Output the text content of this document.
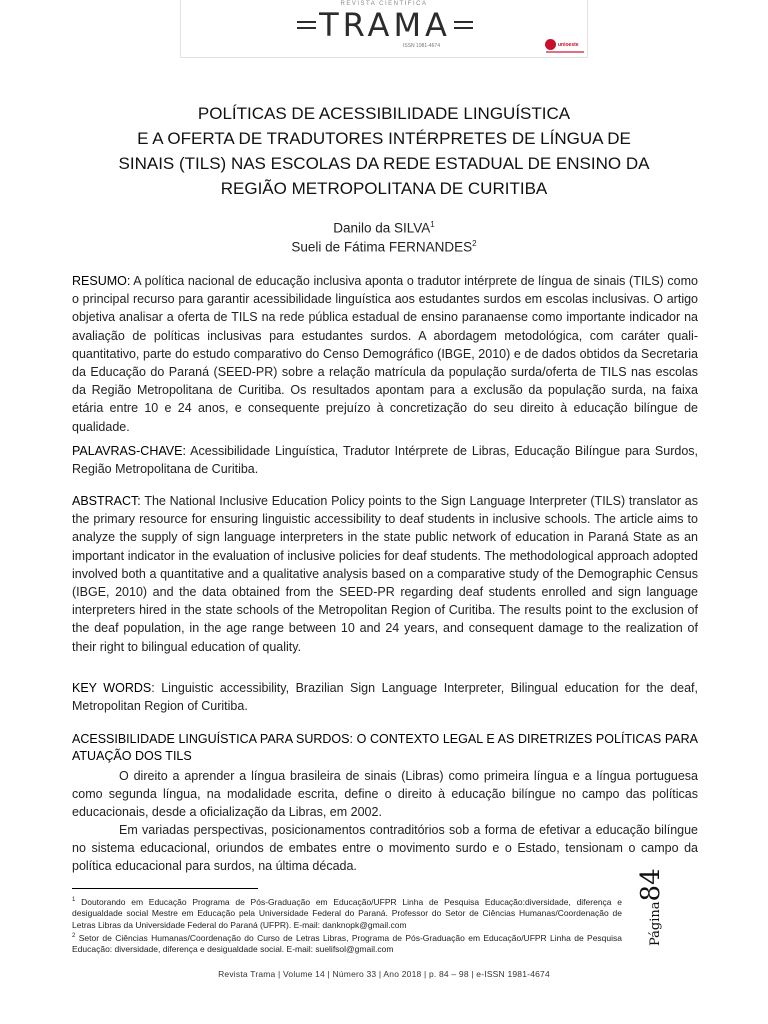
REVISTA CIENTÍFICA
TRAMA
ISSN 1981-4674	unioeste
POLÍTICAS DE ACESSIBILIDADE LINGUÍSTICA
E A OFERTA DE TRADUTORES INTÉRPRETES DE LÍNGUA DE
SINAIS (TILS) NAS ESCOLAS DA REDE ESTADUAL DE ENSINO DA
REGIÃO METROPOLITANA DE CURITIBA
Danilo da SILVA$^1$
Sueli de Fátima FERNANDES$^2$

RESUMO: A política nacional de educação inclusiva aponta o tradutor intérprete de língua de sinais (TILS) como o principal recurso para garantir acessibilidade linguística aos estudantes surdos em escolas inclusivas. O artigo objetiva analisar a oferta de TILS na rede pública estadual de ensino paranaense como importante indicador na avaliação de políticas inclusivas para estudantes surdos. A abordagem metodológica, com caráter quali-quantitativo, parte do estudo comparativo do Censo Demográfico (IBGE, 2010) e de dados obtidos da Secretaria da Educação do Paraná (SEED-PR) sobre a relação matrícula da população surda/oferta de TILS nas escolas da Região Metropolitana de Curitiba. Os resultados apontam para a exclusão da população surda, na faixa etária entre 10 e 24 anos, e consequente prejuízo à concretização do seu direito à educação bilíngue de qualidade.

PALAVRAS-CHAVE: Acessibilidade Linguística, Tradutor Intérprete de Libras, Educação Bilíngue para Surdos, Região Metropolitana de Curitiba.

ABSTRACT: The National Inclusive Education Policy points to the Sign Language Interpreter (TILS) translator as the primary resource for ensuring linguistic accessibility to deaf students in inclusive schools. The article aims to analyze the supply of sign language interpreters in the state public network of education in Paraná State as an important indicator in the evaluation of inclusive policies for deaf students. The methodological approach adopted involved both a quantitative and a qualitative analysis based on a comparative study of the Demographic Census (IBGE, 2010) and the data obtained from the SEED-PR regarding deaf students enrolled and sign language interpreters hired in the state schools of the Metropolitan Region of Curitiba. The results point to the exclusion of the deaf population, in the age range between 10 and 24 years, and consequent damage to the realization of their right to bilingual education of quality.

KEY WORDS: Linguistic accessibility, Brazilian Sign Language Interpreter, Bilingual education for the deaf, Metropolitan Region of Curitiba.

ACESSIBILIDADE LINGUÍSTICA PARA SURDOS: O CONTEXTO LEGAL E AS DIRETRIZES POLÍTICAS PARA ATUAÇÃO DOS TILS

O direito a aprender a língua brasileira de sinais (Libras) como primeira língua e a língua portuguesa como segunda língua, na modalidade escrita, define o direito à educação bilíngue no campo das políticas educacionais, desde a oficialização da Libras, em 2002.

Em variadas perspectivas, posicionamentos contraditórios sob a forma de efetivar a educação bilíngue no sistema educacional, oriundos de embates entre o movimento surdo e o Estado, tensionam o campo da política educacional para surdos, na última década.

$^1$ Doutorando em Educação Programa de Pós-Graduação em Educação/UFPR Linha de Pesquisa Educação:diversidade, diferença e desigualdade social Mestre em Educação pela Universidade Federal do Paraná. Professor do Setor de Ciências Humanas/Coordenação de Letras Libras da Universidade Federal do Paraná (UFPR). E-mail: danknopk@gmail.com

$^2$ Setor de Ciências Humanas/Coordenação do Curso de Letras Libras, Programa de Pós-Graduação em Educação/UFPR Linha de Pesquisa Educação: diversidade, diferença e desigualdade social. E-mail: suelifsol@gmail.com

Página84
Revista Trama | Volume 14 | Número 33 | Ano 2018 | p. 84 – 98 | e-ISSN 1981-4674
